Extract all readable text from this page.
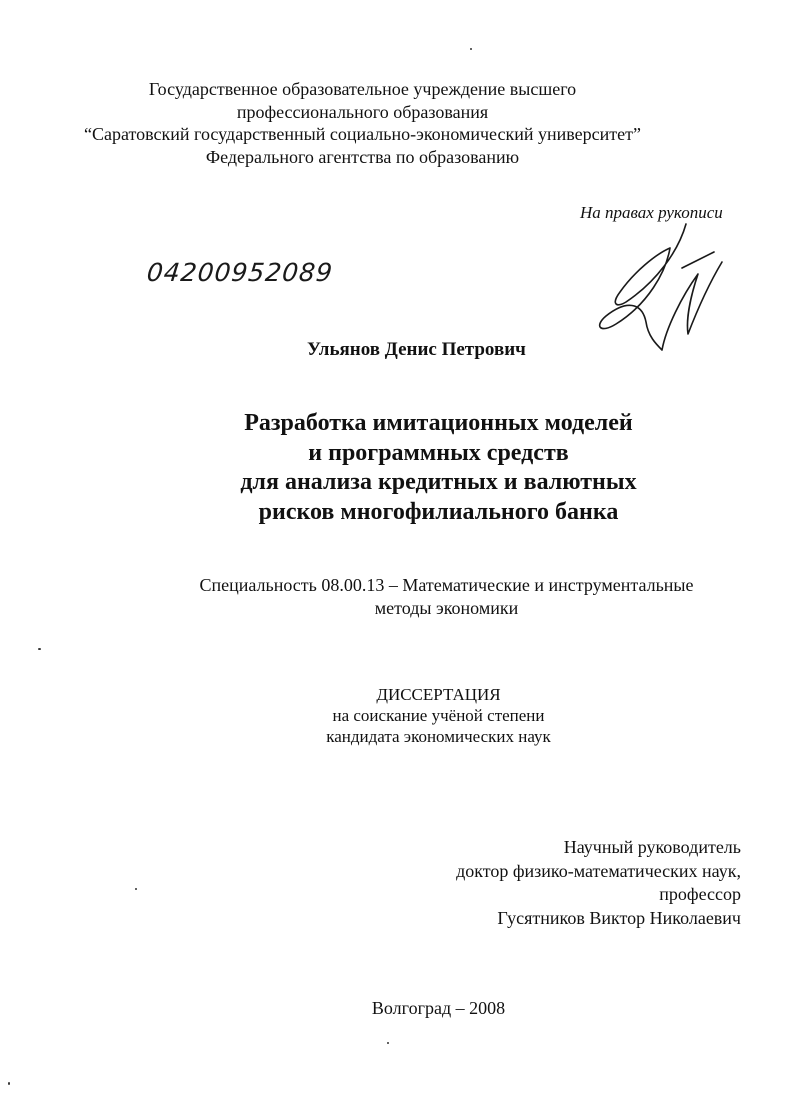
Государственное образовательное учреждение высшего
профессионального образования
“Саратовский государственный социально-экономический университет”
Федерального агентства по образованию
На правах рукописи
04200952089
Ульянов Денис Петрович
Разработка имитационных моделей
и программных средств
для анализа кредитных и валютных
рисков многофилиального банка
Специальность 08.00.13 – Математические и инструментальные
методы экономики
ДИССЕРТАЦИЯ
на соискание учёной степени
кандидата экономических наук
Научный руководитель
доктор физико-математических наук,
профессор
Гусятников Виктор Николаевич
Волгоград – 2008
